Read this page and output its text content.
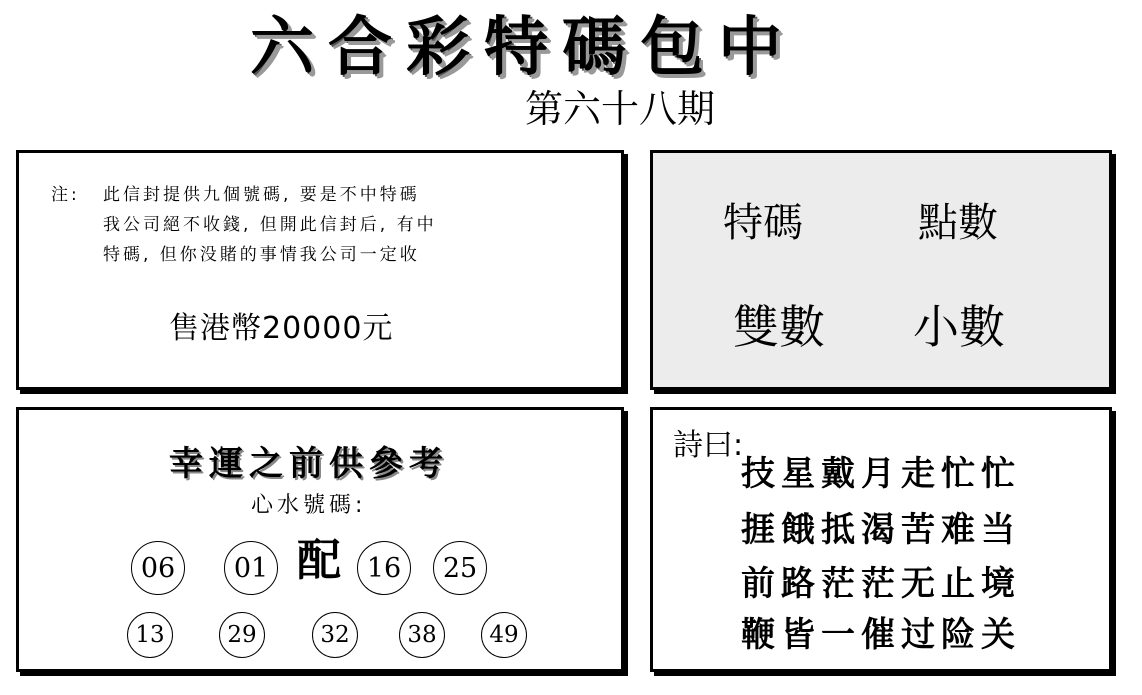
六合彩特碼包中
第六十八期
注: 此信封提供九個號碼, 要是不中特碼
我公司絕不收錢, 但開此信封后, 有中
特碼, 但你没賭的事情我公司一定收
售港幣20000元
特碼	點數
雙數 小數
幸運之前供參考
心水號碼:
配
06	01	16	25
13	29	32	38	49
詩曰:
技星戴月走忙忙
捱餓抵渴苦难当
前路茫茫无止境
鞭皆一催过险关
